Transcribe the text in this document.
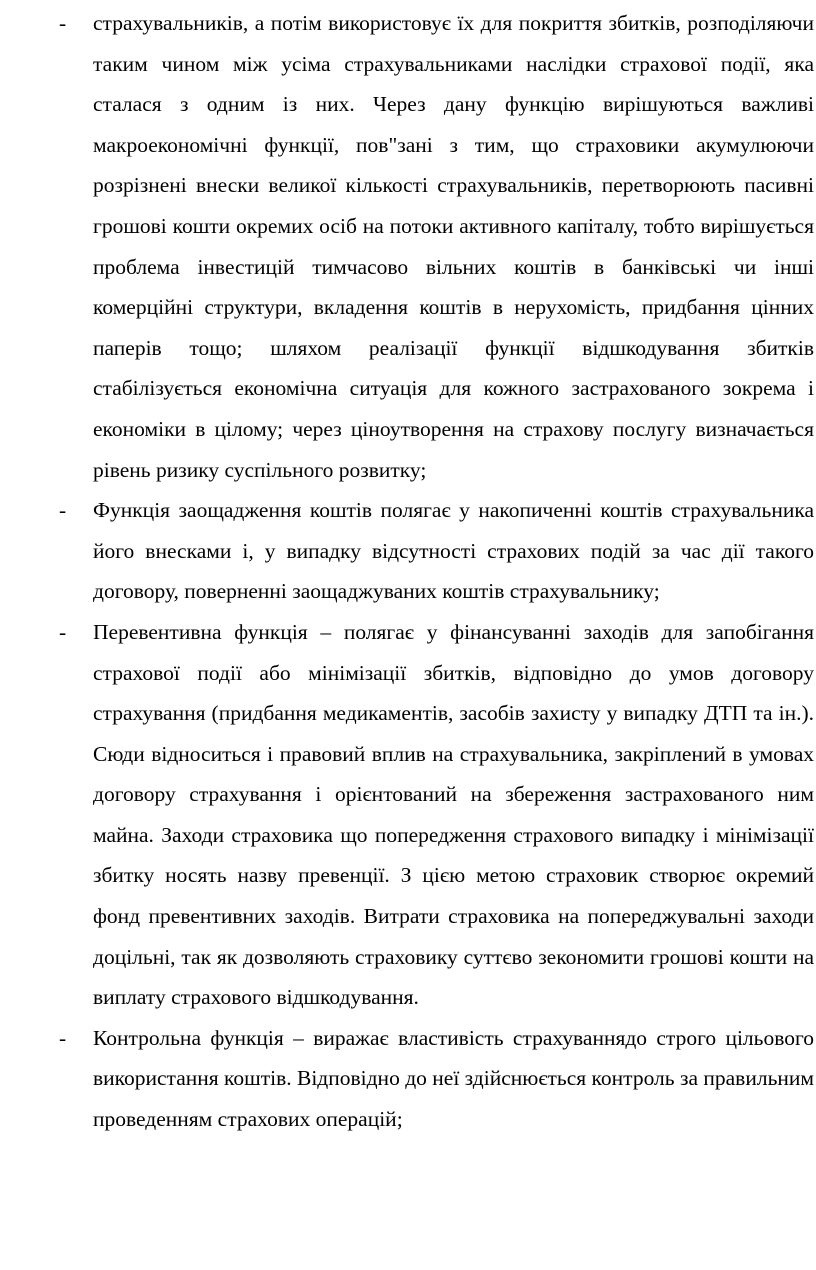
- страхувальників, а потім використовує їх для покриття збитків, розподіляючи таким чином між усіма страхувальниками наслідки страхової події, яка сталася з одним із них. Через дану функцію вирішуються важливі макроекономічні функції, пов"зані з тим, що страховики акумулюючи розрізнені внески великої кількості страхувальників, перетворюють пасивні грошові кошти окремих осіб на потоки активного капіталу, тобто вирішується проблема інвестицій тимчасово вільних коштів в банківські чи інші комерційні структури, вкладення коштів в нерухомість, придбання цінних паперів тощо; шляхом реалізації функції відшкодування збитків стабілізується економічна ситуація для кожного застрахованого зокрема і економіки в цілому; через ціноутворення на страхову послугу визначається рівень ризику суспільного розвитку;
- Функція заощадження коштів полягає у накопиченні коштів страхувальника його внесками і, у випадку відсутності страхових подій за час дії такого договору, поверненні заощаджуваних коштів страхувальнику;
- Перевентивна функція – полягає у фінансуванні заходів для запобігання страхової події або мінімізації збитків, відповідно до умов договору страхування (придбання медикаментів, засобів захисту у випадку ДТП та ін.). Сюди відноситься і правовий вплив на страхувальника, закріплений в умовах договору страхування і орієнтований на збереження застрахованого ним майна. Заходи страховика що попередження страхового випадку і мінімізації збитку носять назву превенції. З цією метою страховик створює окремий фонд превентивних заходів. Витрати страховика на попереджувальні заходи доцільні, так як дозволяють страховику суттєво зекономити грошові кошти на виплату страхового відшкодування.
- Контрольна функція – виражає властивість страхуваннядо строго цільового використання коштів. Відповідно до неї здійснюється контроль за правильним проведенням страхових операцій;
